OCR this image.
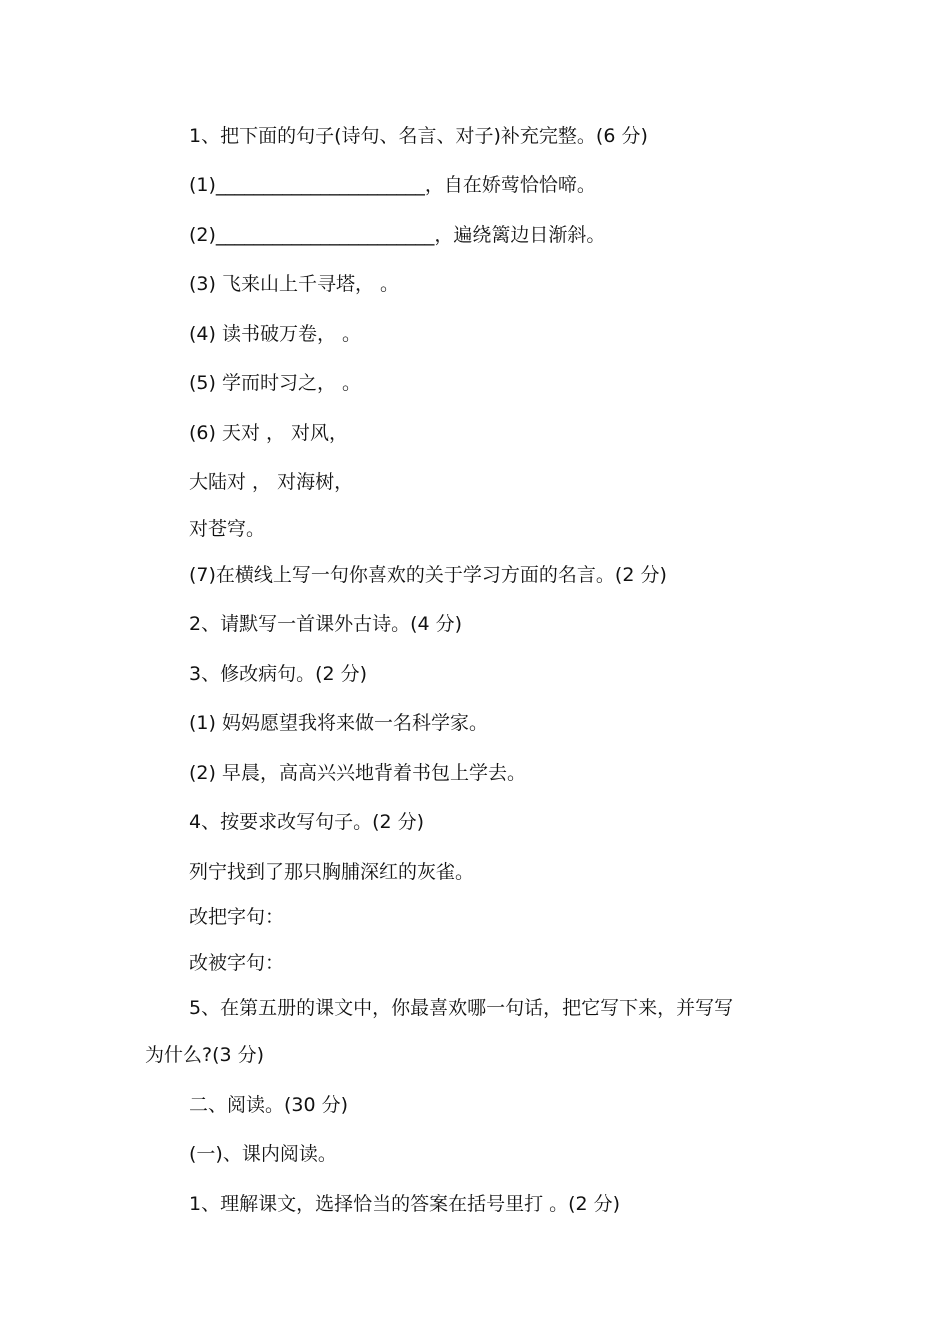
1、把下面的句子(诗句、名言、对子)补充完整。(6 分)
(1)______________________，自在娇莺恰恰啼。
(2)_______________________，遍绕篱边日渐斜。
(3) 飞来山上千寻塔， 。
(4) 读书破万卷， 。
(5) 学而时习之， 。
(6) 天对 ， 对风，
大陆对 ， 对海树，
对苍穹。
(7)在横线上写一句你喜欢的关于学习方面的名言。(2 分)
2、请默写一首课外古诗。(4 分)
3、修改病句。(2 分)
(1) 妈妈愿望我将来做一名科学家。
(2) 早晨，高高兴兴地背着书包上学去。
4、按要求改写句子。(2 分)
列宁找到了那只胸脯深红的灰雀。
改把字句：
改被字句：
5、在第五册的课文中，你最喜欢哪一句话，把它写下来，并写写
为什么?(3 分)
二、阅读。(30 分)
(一)、课内阅读。
1、理解课文，选择恰当的答案在括号里打 。(2 分)
